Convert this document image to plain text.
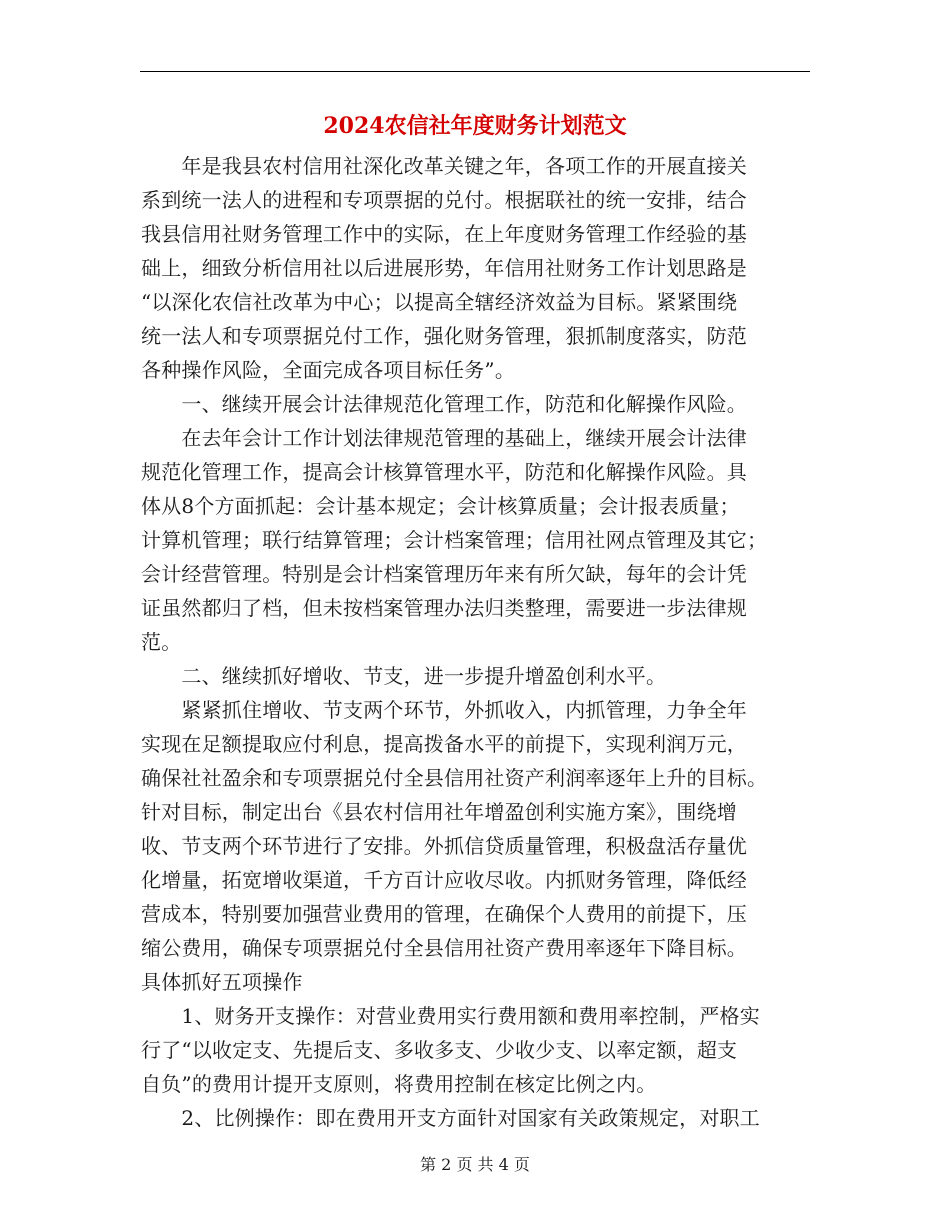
2024农信社年度财务计划范文
　　年是我县农村信用社深化改革关键之年，各项工作的开展直接关
系到统一法人的进程和专项票据的兑付。根据联社的统一安排，结合
我县信用社财务管理工作中的实际，在上年度财务管理工作经验的基
础上，细致分析信用社以后进展形势，年信用社财务工作计划思路是
“以深化农信社改革为中心；以提高全辖经济效益为目标。紧紧围绕
统一法人和专项票据兑付工作，强化财务管理，狠抓制度落实，防范
各种操作风险，全面完成各项目标任务”。
　　一、继续开展会计法律规范化管理工作，防范和化解操作风险。
　　在去年会计工作计划法律规范管理的基础上，继续开展会计法律
规范化管理工作，提高会计核算管理水平，防范和化解操作风险。具
体从8个方面抓起：会计基本规定；会计核算质量；会计报表质量；
计算机管理；联行结算管理；会计档案管理；信用社网点管理及其它；
会计经营管理。特别是会计档案管理历年来有所欠缺，每年的会计凭
证虽然都归了档，但未按档案管理办法归类整理，需要进一步法律规
范。
　　二、继续抓好增收、节支，进一步提升增盈创利水平。
　　紧紧抓住增收、节支两个环节，外抓收入，内抓管理，力争全年
实现在足额提取应付利息，提高拨备水平的前提下，实现利润万元，
确保社社盈余和专项票据兑付全县信用社资产利润率逐年上升的目标。
针对目标，制定出台《县农村信用社年增盈创利实施方案》，围绕增
收、节支两个环节进行了安排。外抓信贷质量管理，积极盘活存量优
化增量，拓宽增收渠道，千方百计应收尽收。内抓财务管理，降低经
营成本，特别要加强营业费用的管理，在确保个人费用的前提下，压
缩公费用，确保专项票据兑付全县信用社资产费用率逐年下降目标。
具体抓好五项操作
　　1、财务开支操作：对营业费用实行费用额和费用率控制，严格实
行了“以收定支、先提后支、多收多支、少收少支、以率定额，超支
自负”的费用计提开支原则，将费用控制在核定比例之内。
　　2、比例操作：即在费用开支方面针对国家有关政策规定，对职工
第 2 页 共 4 页
